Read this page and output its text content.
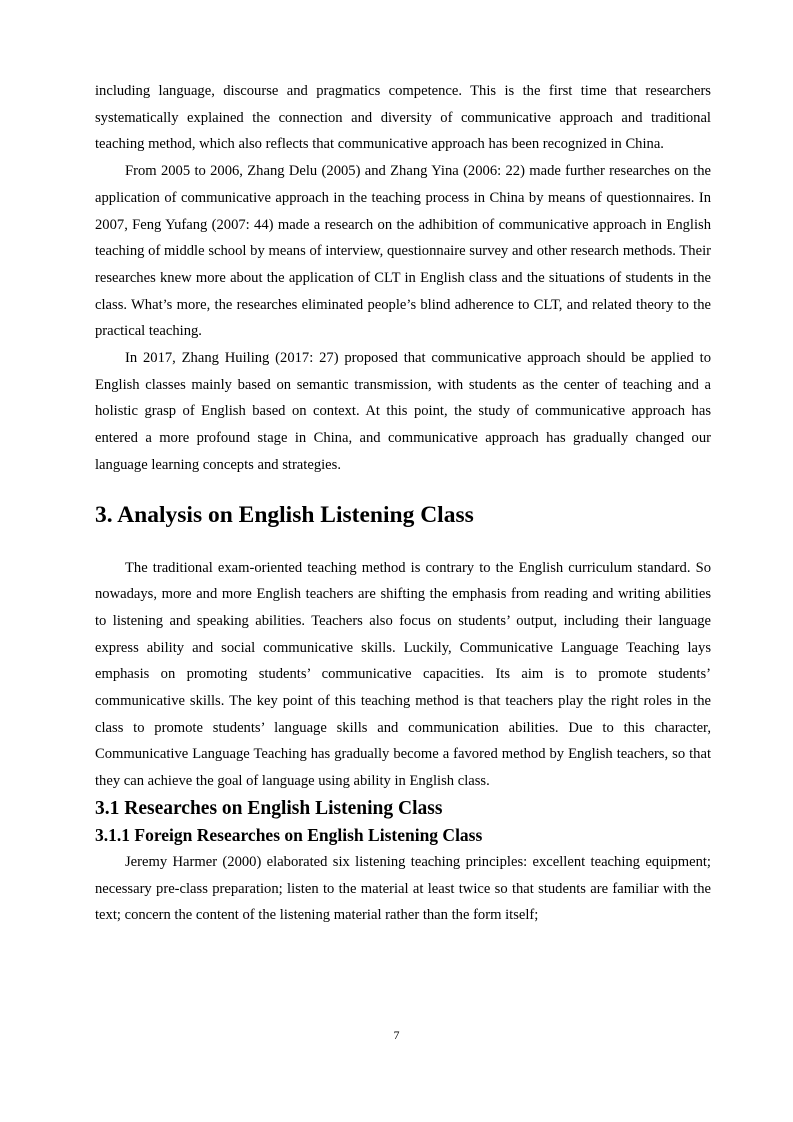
including language, discourse and pragmatics competence. This is the first time that researchers systematically explained the connection and diversity of communicative approach and traditional teaching method, which also reflects that communicative approach has been recognized in China.

From 2005 to 2006, Zhang Delu (2005) and Zhang Yina (2006: 22) made further researches on the application of communicative approach in the teaching process in China by means of questionnaires. In 2007, Feng Yufang (2007: 44) made a research on the adhibition of communicative approach in English teaching of middle school by means of interview, questionnaire survey and other research methods. Their researches knew more about the application of CLT in English class and the situations of students in the class. What’s more, the researches eliminated people’s blind adherence to CLT, and related theory to the practical teaching.

In 2017, Zhang Huiling (2017: 27) proposed that communicative approach should be applied to English classes mainly based on semantic transmission, with students as the center of teaching and a holistic grasp of English based on context. At this point, the study of communicative approach has entered a more profound stage in China, and communicative approach has gradually changed our language learning concepts and strategies.

3. Analysis on English Listening Class

The traditional exam-oriented teaching method is contrary to the English curriculum standard. So nowadays, more and more English teachers are shifting the emphasis from reading and writing abilities to listening and speaking abilities. Teachers also focus on students’ output, including their language express ability and social communicative skills. Luckily, Communicative Language Teaching lays emphasis on promoting students’ communicative capacities. Its aim is to promote students’ communicative skills. The key point of this teaching method is that teachers play the right roles in the class to promote students’ language skills and communication abilities. Due to this character, Communicative Language Teaching has gradually become a favored method by English teachers, so that they can achieve the goal of language using ability in English class.

3.1 Researches on English Listening Class
3.1.1 Foreign Researches on English Listening Class

Jeremy Harmer (2000) elaborated six listening teaching principles: excellent teaching equipment; necessary pre-class preparation; listen to the material at least twice so that students are familiar with the text; concern the content of the listening material rather than the form itself;

7
